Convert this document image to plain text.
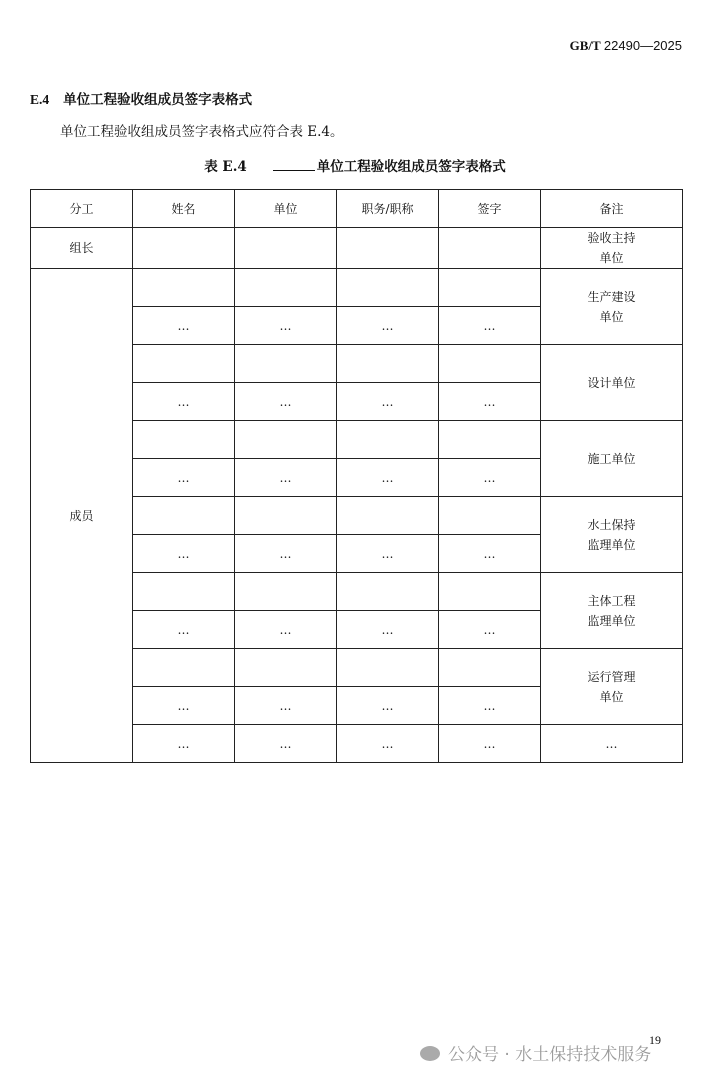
GB/T 22490—2025
E.4 单位工程验收组成员签字表格式
单位工程验收组成员签字表格式应符合表 E.4。
表 E.4	单位工程验收组成员签字表格式
分工	姓名	单位	职务/职称	签字	备注
组长					验收主持
单位
成员					生产建设
单位
	…	…	…	…	
					设计单位
	…	…	…	…	
					施工单位
	…	…	…	…	
					水土保持
监理单位
	…	…	…	…	
					主体工程
监理单位
	…	…	…	…	
					运行管理
单位
	…	…	…	…	
	…	…	…	…	…
19
公众号 · 水土保持技术服务
